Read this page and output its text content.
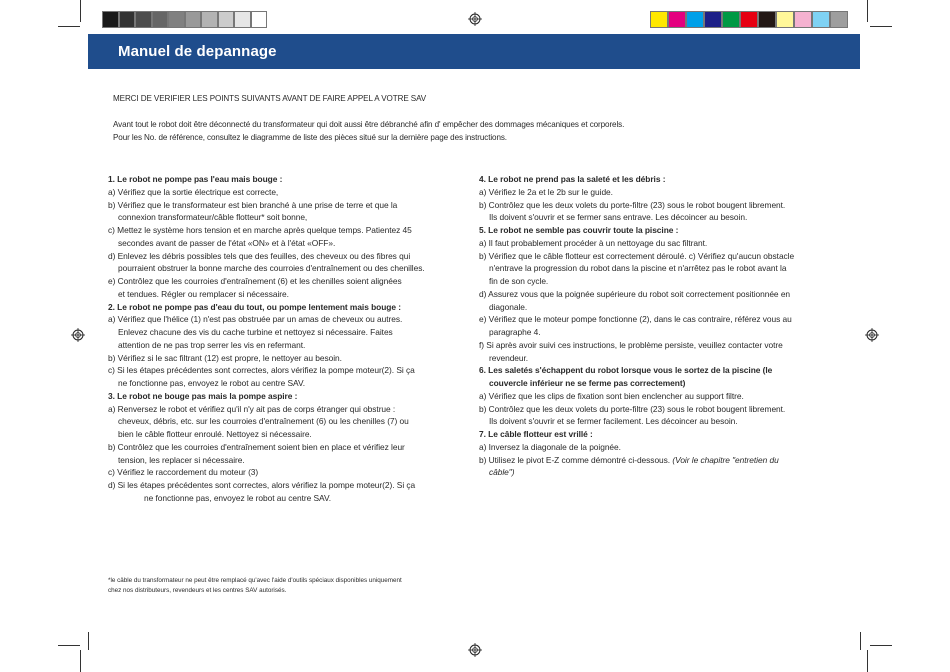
Manuel de depannage
MERCI DE VERIFIER LES POINTS SUIVANTS AVANT DE FAIRE APPEL A VOTRE SAV
Avant tout le robot doit être déconnecté du transformateur qui doit aussi être débranché afin d' empêcher des dommages mécaniques et corporels.
Pour les No. de référence, consultez le diagramme de liste des pièces situé sur la dernière page des instructions.
1. Le robot ne pompe pas l'eau mais bouge :
a) Vérifiez que la sortie électrique est correcte,
b) Vérifiez que le transformateur est bien branché à une prise de terre et que la
connexion transformateur/câble flotteur* soit bonne,
c) Mettez le système hors tension et en marche après quelque temps. Patientez 45
secondes avant de passer de l'état «ON» et à l'état «OFF».
d) Enlevez les débris possibles tels que des feuilles, des cheveux ou des fibres qui
pourraient obstruer la bonne marche des courroies d'entraînement ou des chenilles.
e) Contrôlez que les courroies d'entraînement (6) et les chenilles soient alignées
et tendues. Régler ou remplacer si nécessaire.
2. Le robot ne pompe pas d'eau du tout, ou pompe lentement mais bouge :
a) Vérifiez que l'hélice (1) n'est pas obstruée par un amas de cheveux ou autres.
Enlevez chacune des vis du cache turbine et nettoyez si nécessaire. Faites
attention de ne pas trop serrer les vis en refermant.
b) Vérifiez si le sac filtrant (12) est propre, le nettoyer au besoin.
c) Si les étapes précédentes sont correctes, alors vérifiez la pompe moteur(2). Si ça
ne fonctionne pas, envoyez le robot au centre SAV.
3. Le robot ne bouge pas mais la pompe aspire :
a) Renversez le robot et vérifiez qu'il n'y ait pas de corps étranger qui obstrue :
cheveux, débris, etc. sur les courroies d'entraînement (6) ou les chenilles (7) ou
bien le câble flotteur enroulé. Nettoyez si nécessaire.
b) Contrôlez que les courroies d'entraînement soient bien en place et vérifiez leur
tension, les replacer si nécessaire.
c) Vérifiez le raccordement du moteur (3)
d) Si les étapes précédentes sont correctes, alors vérifiez la pompe moteur(2). Si ça
ne fonctionne pas, envoyez le robot au centre SAV.
4. Le robot ne prend pas la saleté et les débris :
a) Vérifiez le 2a et le 2b sur le guide.
b) Contrôlez que les deux volets du porte-filtre (23) sous le robot bougent librement.
Ils doivent s'ouvrir et se fermer sans entrave. Les décoincer au besoin.
5. Le robot ne semble pas couvrir toute la piscine :
a) Il faut probablement procéder à un nettoyage du sac filtrant.
b) Vérifiez que le câble flotteur est correctement déroulé. c) Vérifiez qu'aucun obstacle
n'entrave la progression du robot dans la piscine et n'arrêtez pas le robot avant la
fin de son cycle.
d) Assurez vous que la poignée supérieure du robot soit correctement positionnée en
diagonale.
e) Vérifiez que le moteur pompe fonctionne (2), dans le cas contraire, référez vous au
paragraphe 4.
f) Si après avoir suivi ces instructions, le problème persiste, veuillez contacter votre
revendeur.
6. Les saletés s'échappent du robot lorsque vous le sortez de la piscine (le
couvercle inférieur ne se ferme pas correctement)
a) Vérifiez que les clips de fixation sont bien enclencher au support filtre.
b) Contrôlez que les deux volets du porte-filtre (23) sous le robot bougent librement.
Ils doivent s'ouvrir et se fermer facilement. Les décoincer au besoin.
7. Le câble flotteur est vrillé :
a) Inversez la diagonale de la poignée.
b) Utilisez le pivot E-Z comme démontré ci-dessous. (Voir le chapitre "entretien du
câble")
*le câble du transformateur ne peut être remplacé qu'avec l'aide d'outils spéciaux disponibles uniquement
chez nos distributeurs, revendeurs et les centres SAV autorisés.
